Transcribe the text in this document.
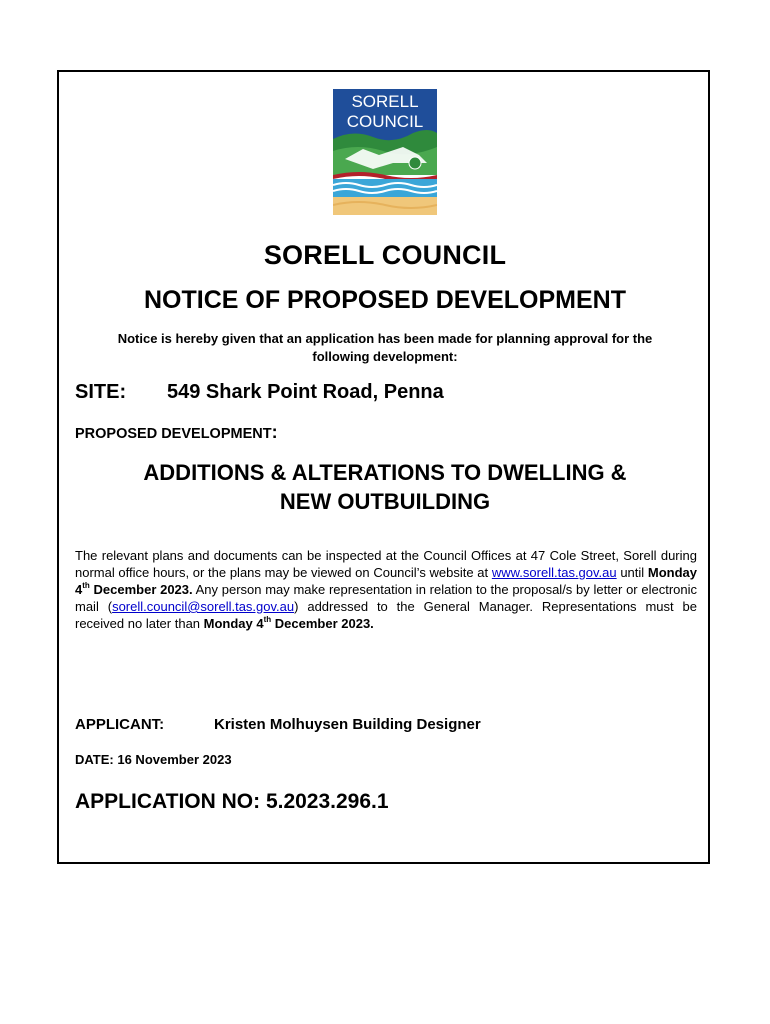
SORELL
COUNCIL
SORELL COUNCIL
NOTICE OF PROPOSED DEVELOPMENT
Notice is hereby given that an application has been made for planning approval for the following development:
SITE: 549 Shark Point Road, Penna
PROPOSED DEVELOPMENT:
ADDITIONS & ALTERATIONS TO DWELLING &
NEW OUTBUILDING
The relevant plans and documents can be inspected at the Council Offices at 47 Cole Street, Sorell during normal office hours, or the plans may be viewed on Council’s website at www.sorell.tas.gov.au until Monday 4th December 2023. Any person may make representation in relation to the proposal/s by letter or electronic mail (sorell.council@sorell.tas.gov.au) addressed to the General Manager. Representations must be received no later than Monday 4th December 2023.
APPLICANT:	Kristen Molhuysen Building Designer
DATE: 16 November 2023
APPLICATION NO: 5.2023.296.1
